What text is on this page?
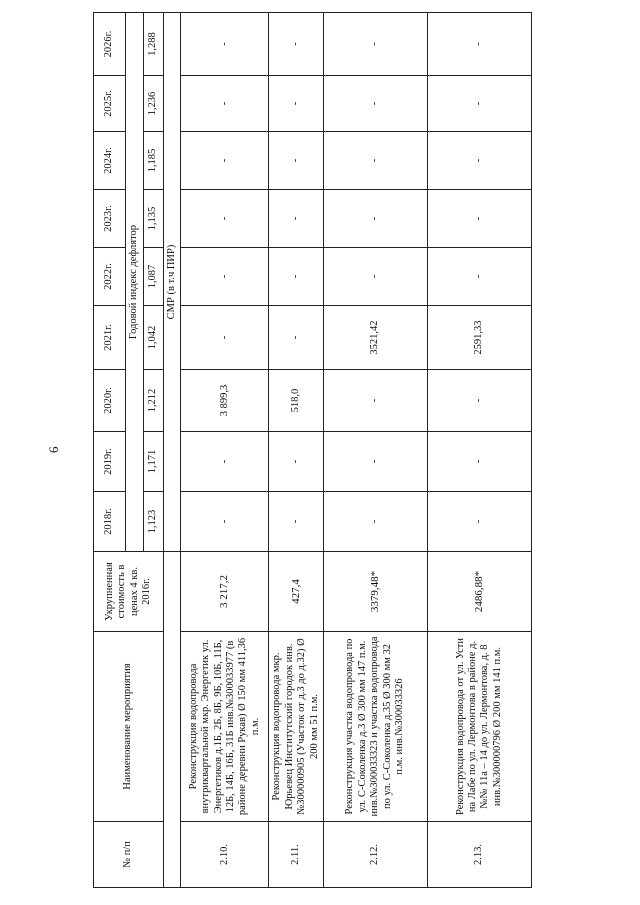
6
№ п/п	Наименование мероприятия	Укрупненная стоимость в ценах 4 кв. 2016г.	2018г.	2019г.	2020г.	2021г.	2022г.	2023г.	2024г.	2025г.	2026г.
			Годовой индекс дефлятор								
			1,123	1,171	1,212	1,042	1,087	1,135	1,185	1,236	1,288
			СМР (в т.ч ПИР)								
2.10.	Реконструкция водопровода внутриквартальной мкр. Энергетик ул. Энергетиков д.1Б, 2Б, 8Б, 9Б, 10Б, 11Б, 12Б, 14Б, 16Б, 31Б инв.№300033977 (в районе деревни Рукав) Ø 150 мм 411,36 п.м.	3 217,2	-	-	3 899,3	-	-	-	-	-	-
2.11.	Реконструкция водопровода мкр. Юрьевец Институтский городок инв.№300000905 (Участок от д.3 до д.32) Ø 200 мм 51 п.м.	427,4	-	-	518,0	-	-	-	-	-	-
2.12.	Реконструкция участка водопровода по ул. С-Соколенка д.3 Ø 300 мм 147 п.м. инв.№300033323 и участка водопровода по ул. С-Соколенка д.35 Ø 300 мм 32 п.м. инв.№300033326	3379,48*	-	-	-	3521,42	-	-	-	-	-
2.13.	Реконструкция водопровода от ул. Усти на Лабе по ул. Лермонтова в районе д. №№ 11а – 14 до ул. Лермонтова, д. 8 инв.№300000796 Ø 200 мм 141 п.м.	2486,88*	-	-	-	2591,33	-	-	-	-	-
